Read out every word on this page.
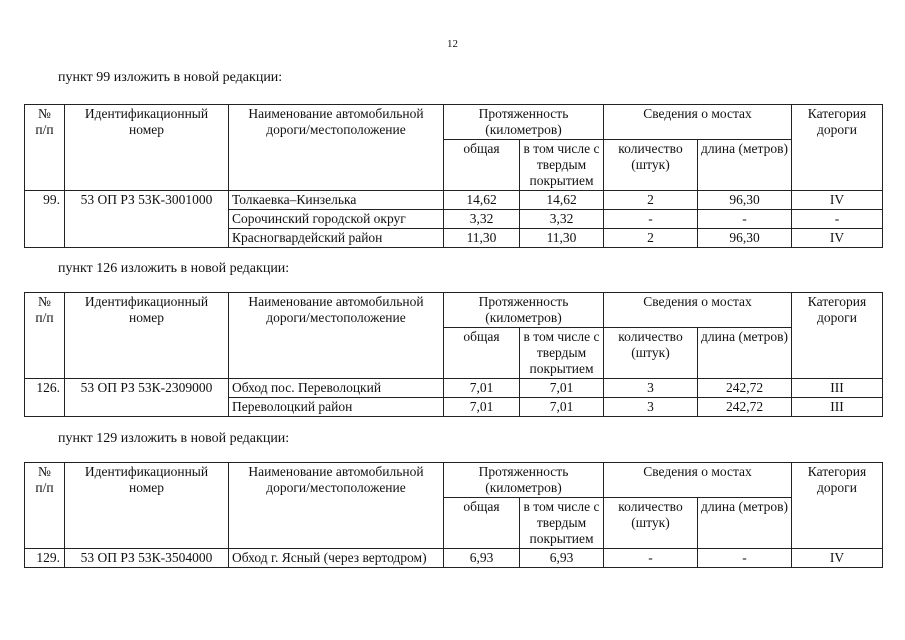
12
пункт 99 изложить в новой редакции:
пункт 126 изложить в новой редакции:
пункт 129 изложить в новой редакции:
№
п/п	Идентификационный номер	Наименование автомобильной дороги/местоположение	Протяженность (километров)		Сведения о мостах		Категория дороги
			общая	в том числе с твердым покрытием	количество (штук)	длина (метров)	
99.	53 ОП РЗ 53К-3001000	Толкаевка–Кинзелька	14,62	14,62	2	96,30	IV
		Сорочинский городской округ	3,32	3,32	-	-	-
		Красногвардейский район	11,30	11,30	2	96,30	IV
№
п/п	Идентификационный номер	Наименование автомобильной дороги/местоположение	Протяженность (километров)		Сведения о мостах		Категория дороги
			общая	в том числе с твердым покрытием	количество (штук)	длина (метров)	
126.	53 ОП РЗ 53К-2309000	Обход пос. Переволоцкий	7,01	7,01	3	242,72	III
		Переволоцкий район	7,01	7,01	3	242,72	III
№
п/п	Идентификационный номер	Наименование автомобильной дороги/местоположение	Протяженность (километров)		Сведения о мостах		Категория дороги
			общая	в том числе с твердым покрытием	количество (штук)	длина (метров)	
129.	53 ОП РЗ 53К-3504000	Обход г. Ясный (через вертодром)	6,93	6,93	-	-	IV
